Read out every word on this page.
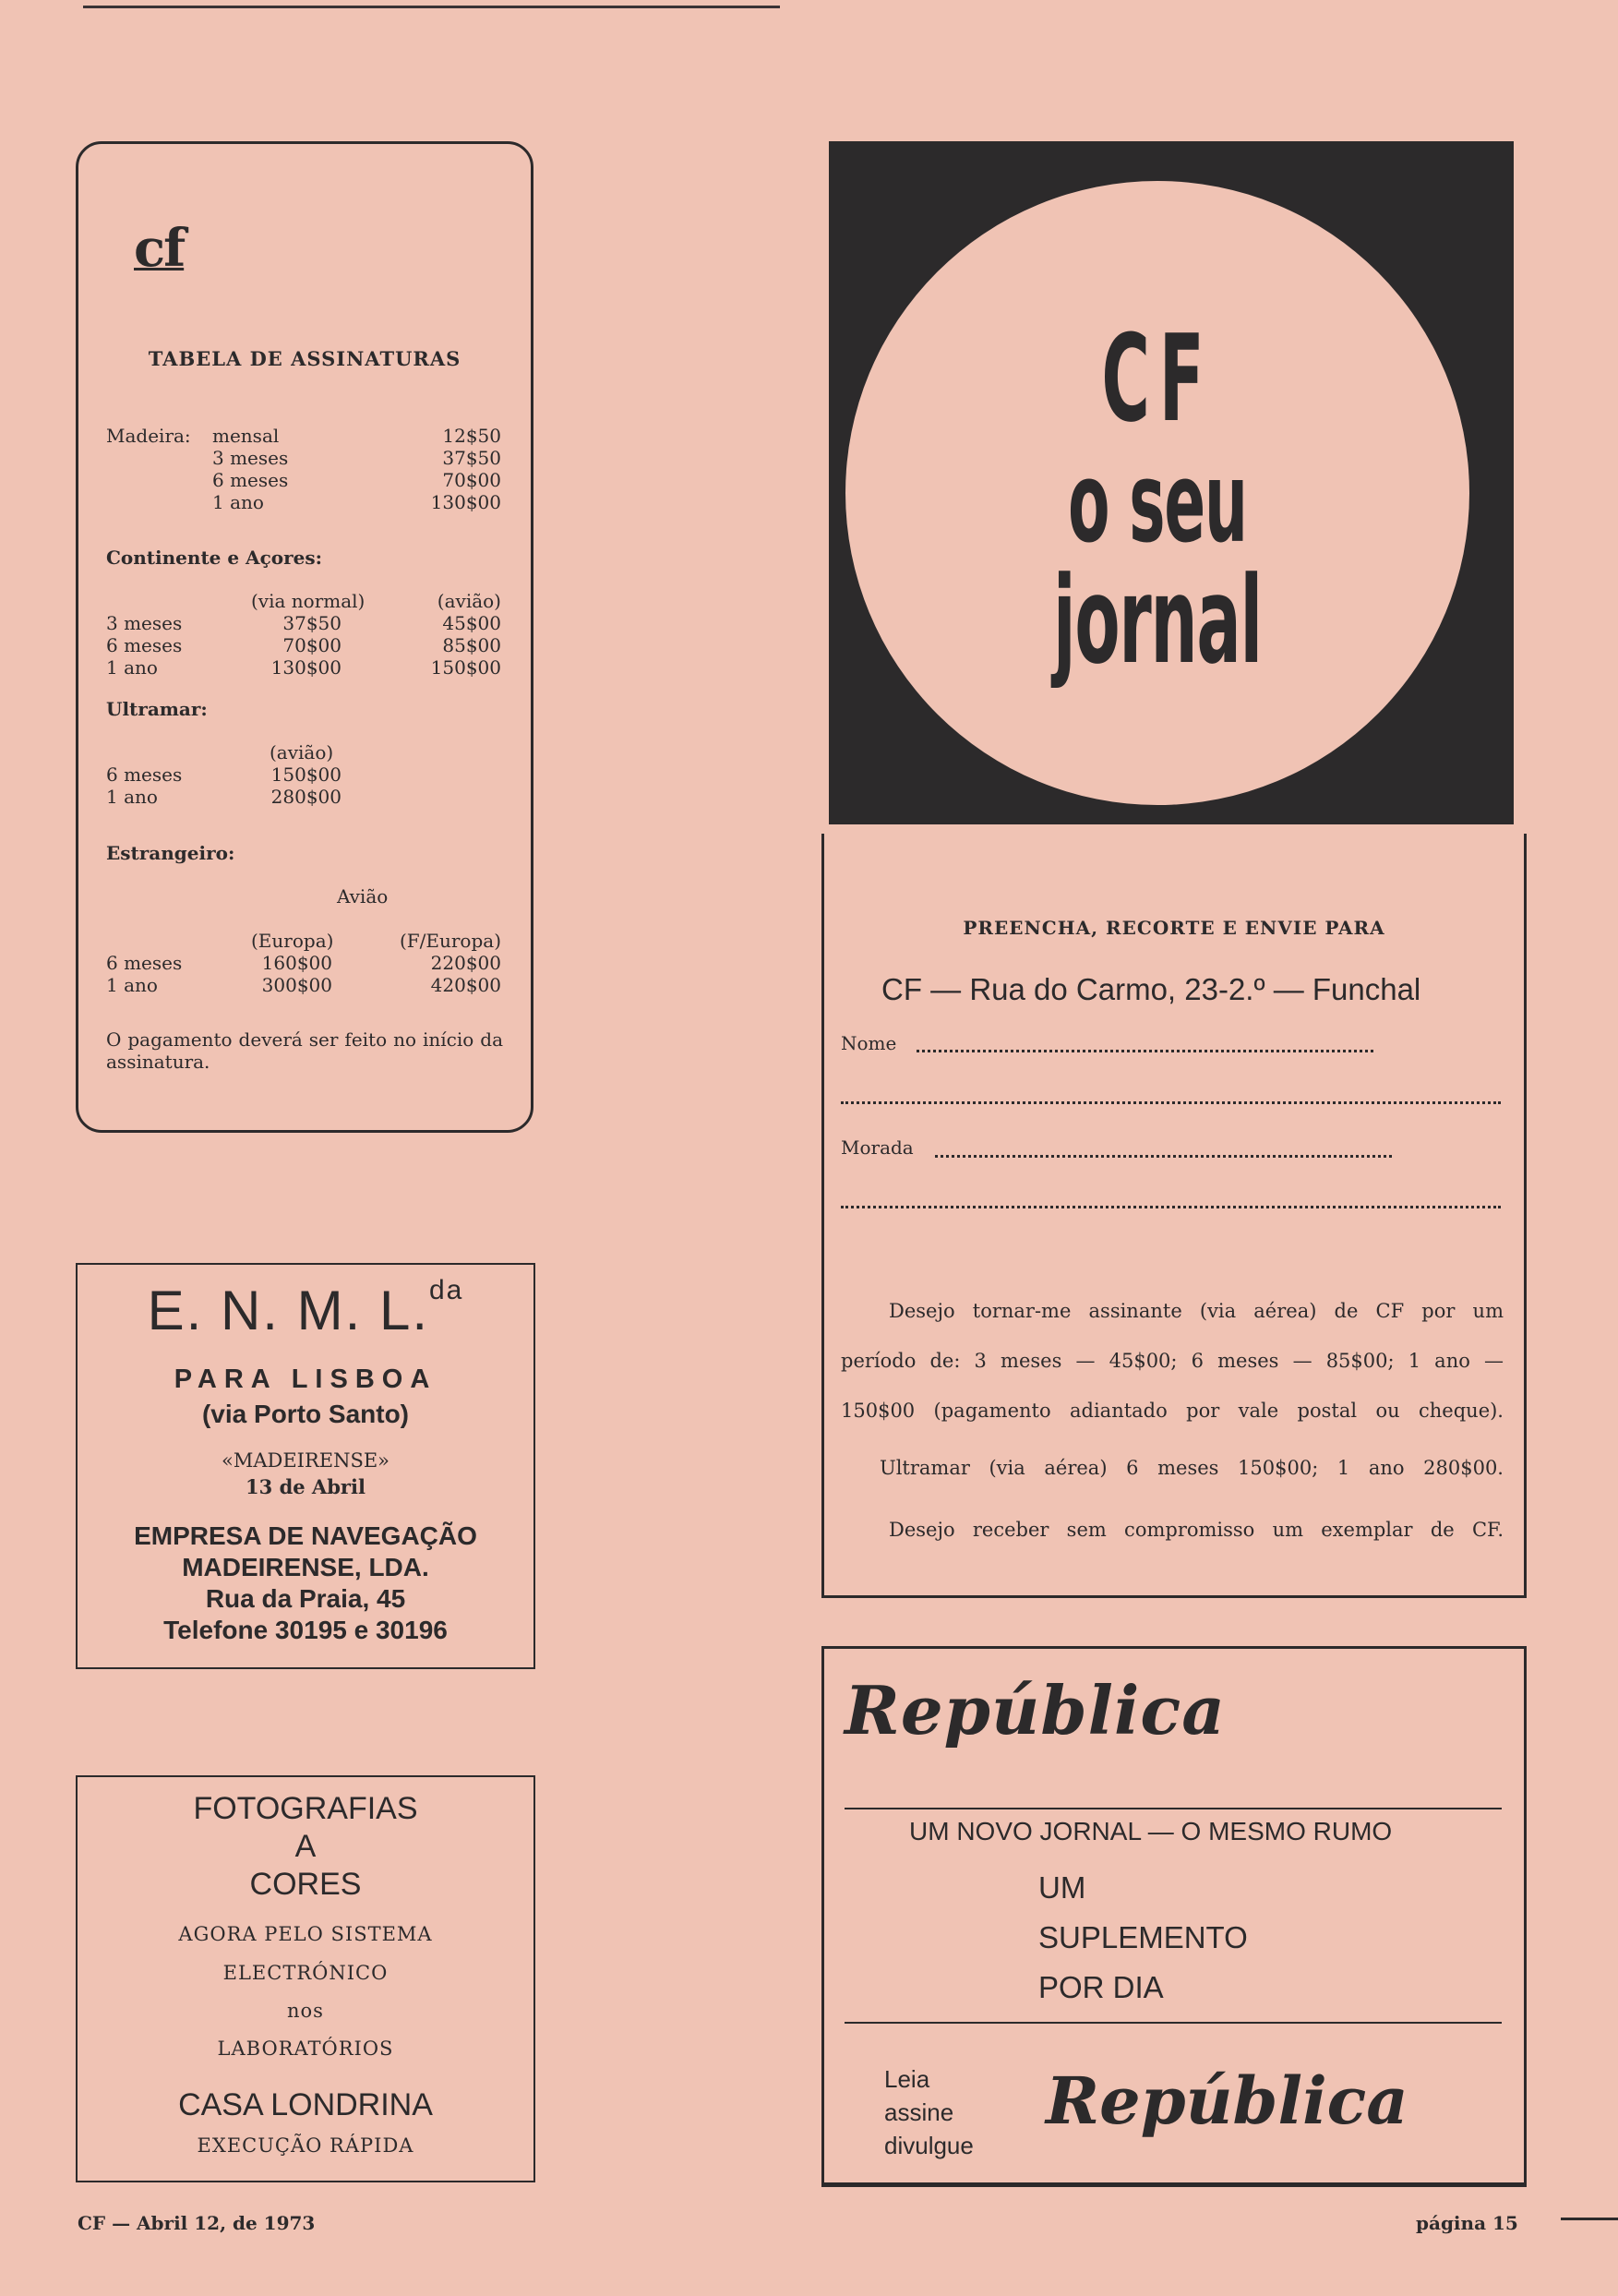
cf
TABELA DE ASSINATURAS
Madeira: mensal	12$50
3 meses	37$50
6 meses	70$00
1 ano	130$00
Continente e Açores:
(via normal)	(avião)
3 meses	37$50	45$00
6 meses	70$00	85$00
1 ano	130$00	150$00
Ultramar:
(avião)
6 meses	150$00
1 ano	280$00
Estrangeiro:
Avião
(Europa)	(F/Europa)
6 meses	160$00	220$00
1 ano	300$00	420$00
O pagamento deverá ser feito no início da assinatura.
E. N. M. L.$^{da}$
PARA LISBOA
(via Porto Santo)
«MADEIRENSE»
13 de Abril
EMPRESA DE NAVEGAÇÃO
MADEIRENSE, LDA.
Rua da Praia, 45
Telefone 30195 e 30196
FOTOGRAFIAS
A
CORES
AGORA PELO SISTEMA
ELECTRÓNICO
nos
LABORATÓRIOS
CASA LONDRINA
EXECUÇÃO RÁPIDA
CF
o seu
jornal
PREENCHA, RECORTE E ENVIE PARA
CF — Rua do Carmo, 23-2.º — Funchal
Nome
Morada
Desejo tornar-me assinante (via aérea) de CF por um
período de: 3 meses — 45$00; 6 meses — 85$00; 1 ano —
150$00 (pagamento adiantado por vale postal ou cheque).
Ultramar (via aérea) 6 meses 150$00; 1 ano 280$00.
Desejo receber sem compromisso um exemplar de CF.
República
UM NOVO JORNAL — O MESMO RUMO
UM
SUPLEMENTO
POR DIA
Leia
assine
divulgue
República
CF — Abril 12, de 1973	página 15
